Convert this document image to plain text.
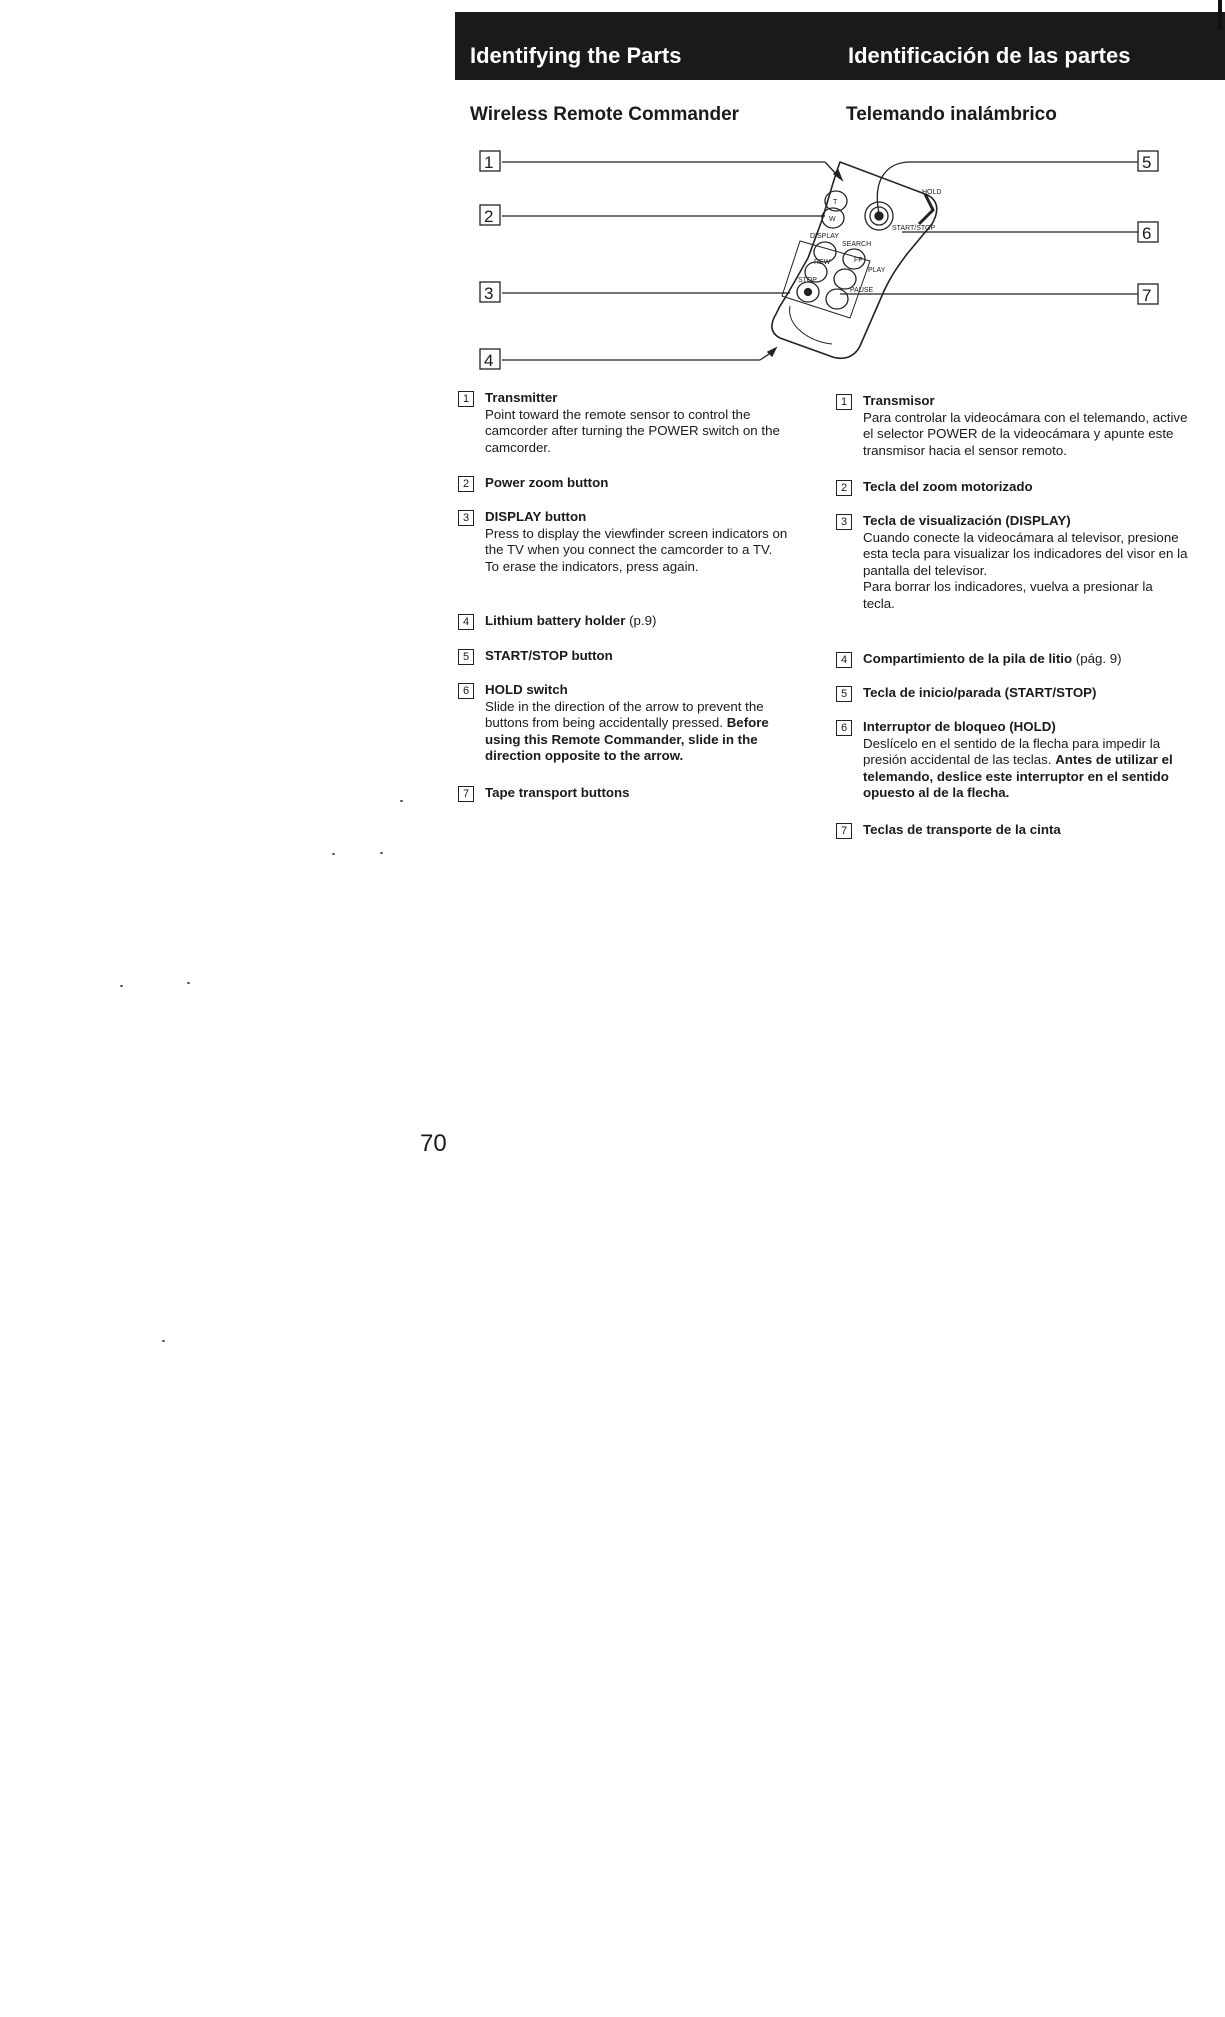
Identifying the Parts	Identificación de las partes
Wireless Remote Commander	Telemando inalámbrico
T
W
DISPLAY
START/STOP
HOLD
SEARCH
REW
PLAY
FF
STOP
PAUSE
1
2
3
4
5
6
7
1	Transmitter
Point toward the remote sensor to control the camcorder after turning the POWER switch on the camcorder.
2	Power zoom button
3	DISPLAY button
Press to display the viewfinder screen indicators on the TV when you connect the camcorder to a TV.
To erase the indicators, press again.
4	Lithium battery holder (p.9)
5	START/STOP button
6	HOLD switch
Slide in the direction of the arrow to prevent the buttons from being accidentally pressed. Before using this Remote Commander, slide in the direction opposite to the arrow.
7	Tape transport buttons
1	Transmisor
Para controlar la videocámara con el telemando, active el selector POWER de la videocámara y apunte este transmisor hacia el sensor remoto.
2	Tecla del zoom motorizado
3	Tecla de visualización (DISPLAY)
Cuando conecte la videocámara al televisor, presione esta tecla para visualizar los indicadores del visor en la pantalla del televisor.
Para borrar los indicadores, vuelva a presionar la tecla.
4	Compartimiento de la pila de litio (pág. 9)
5	Tecla de inicio/parada (START/STOP)
6	Interruptor de bloqueo (HOLD)
Deslícelo en el sentido de la flecha para impedir la presión accidental de las teclas. Antes de utilizar el telemando, deslice este interruptor en el sentido opuesto al de la flecha.
7	Teclas de transporte de la cinta
70
